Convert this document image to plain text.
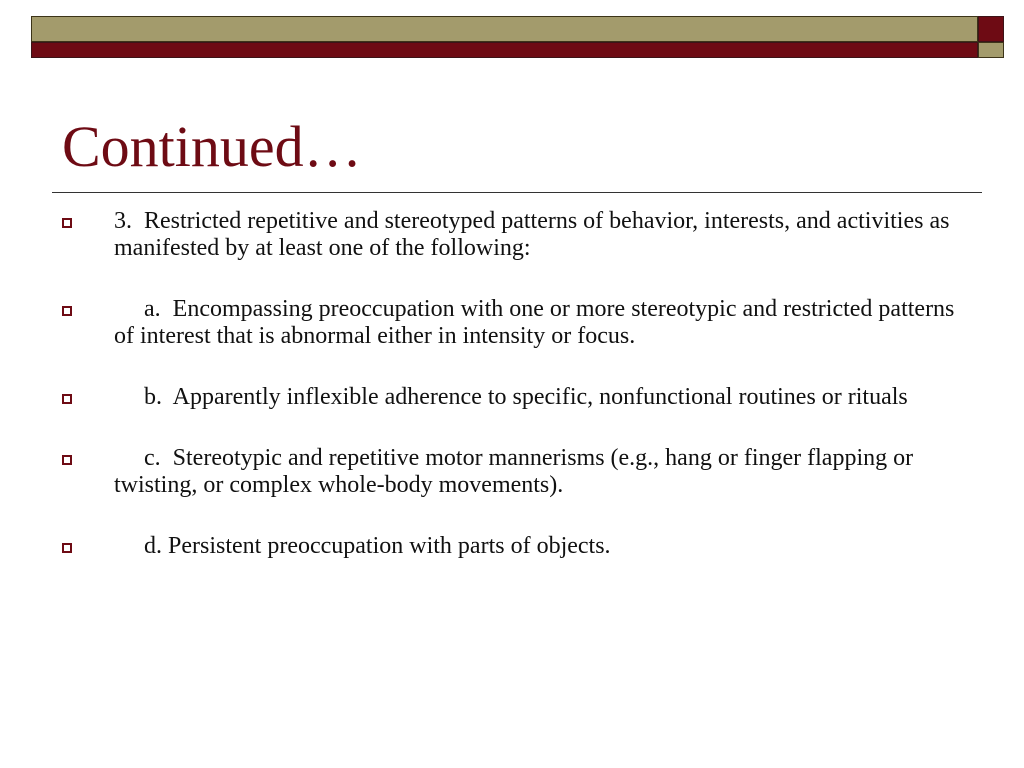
Continued…
3.  Restricted repetitive and stereotyped patterns of behavior, interests, and activities as manifested by at least one of the following:
a.  Encompassing preoccupation with one or more stereotypic and restricted patterns of interest that is abnormal either in intensity or focus.
b.  Apparently inflexible adherence to specific, nonfunctional routines or rituals
c.  Stereotypic and repetitive motor mannerisms (e.g., hang or finger flapping or twisting, or complex whole-body movements).
d. Persistent preoccupation with parts of objects.
